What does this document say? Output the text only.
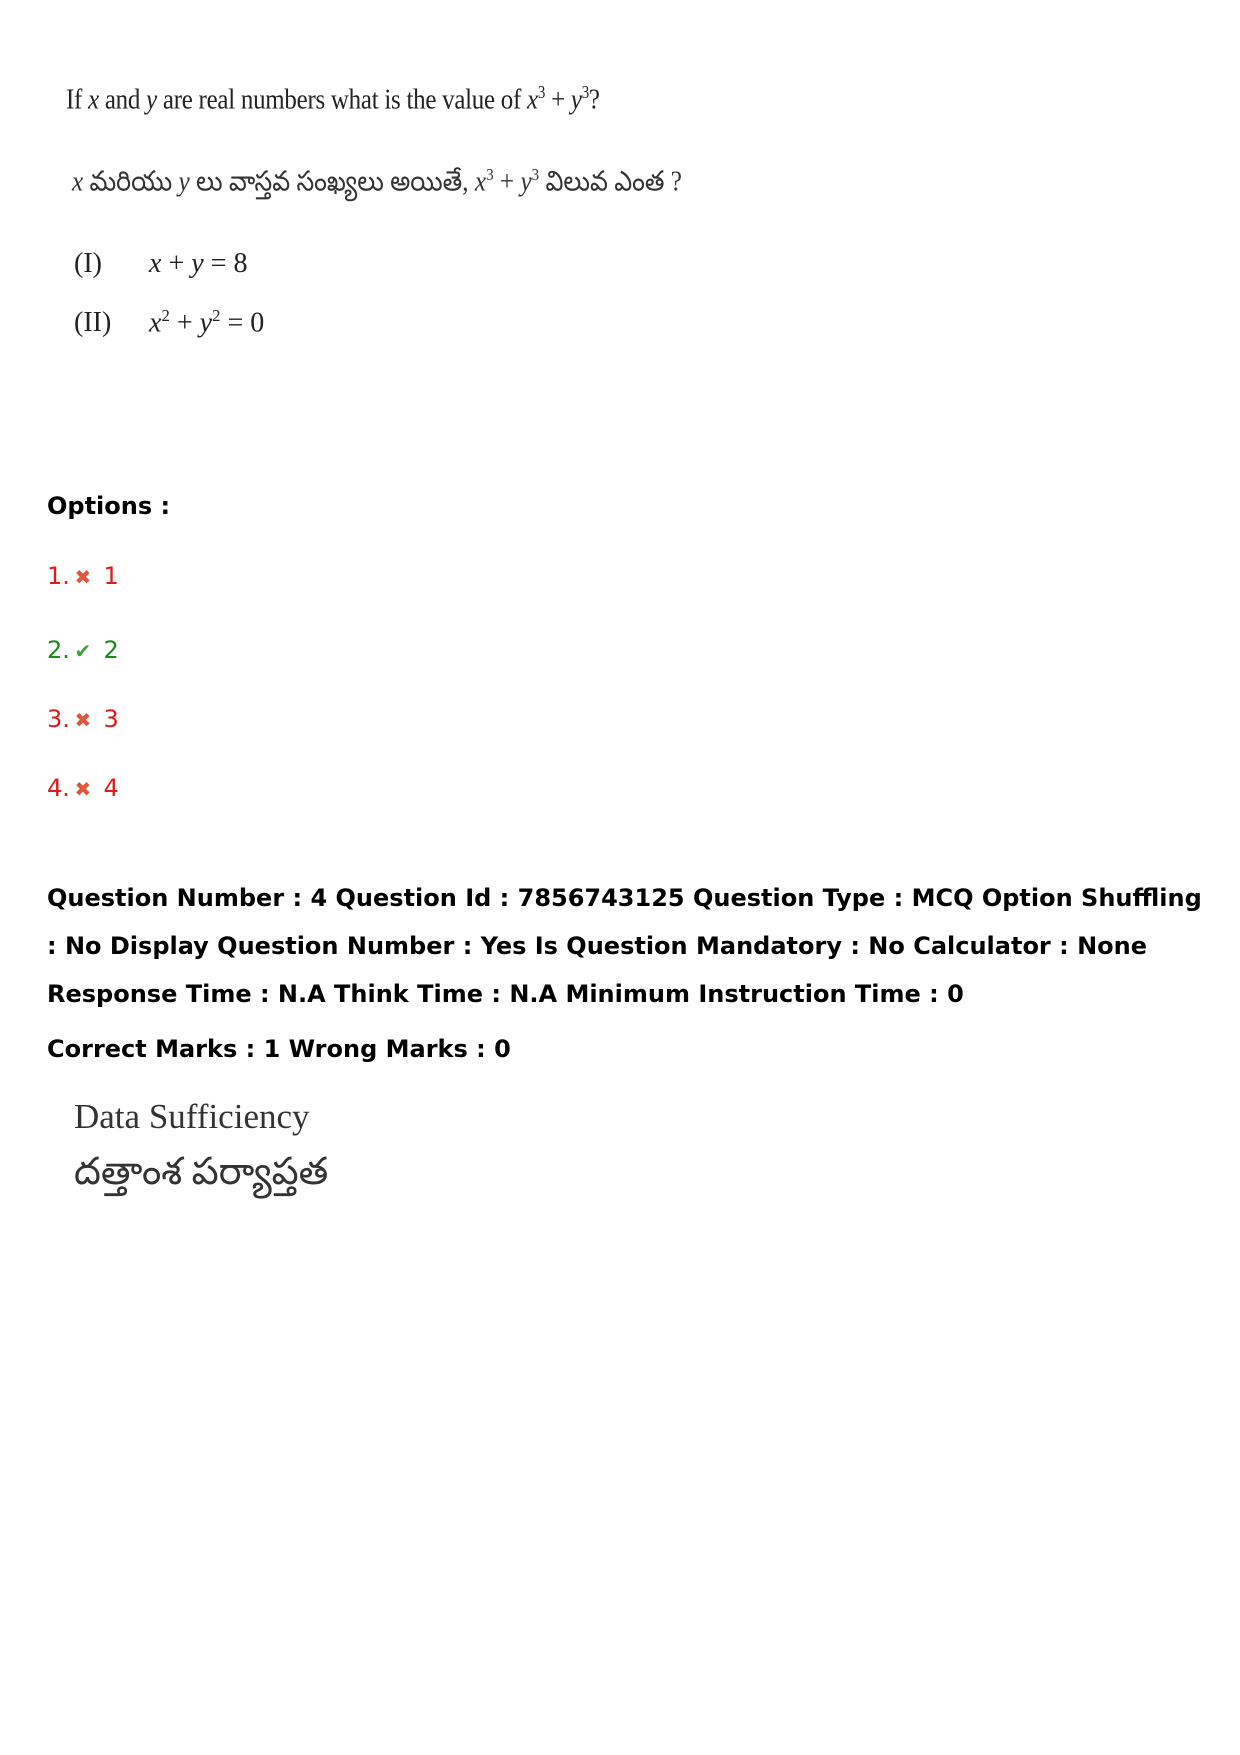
If x and y are real numbers what is the value of $x^3 + y^3$?
x మరియు y లు వాస్తవ సంఖ్యలు అయితే, $x^3 + y^3$ విలువ ఎంత ?
(I) x + y = 8
(II) $x^2 + y^2 = 0$
Options :
1. ✖ 1
2. ✔ 2
3. ✖ 3
4. ✖ 4
Question Number : 4 Question Id : 7856743125 Question Type : MCQ Option Shuffling : No Display Question Number : Yes Is Question Mandatory : No Calculator : None Response Time : N.A Think Time : N.A Minimum Instruction Time : 0
Correct Marks : 1 Wrong Marks : 0
Data Sufficiency
దత్తాంశ పర్యాప్తత
